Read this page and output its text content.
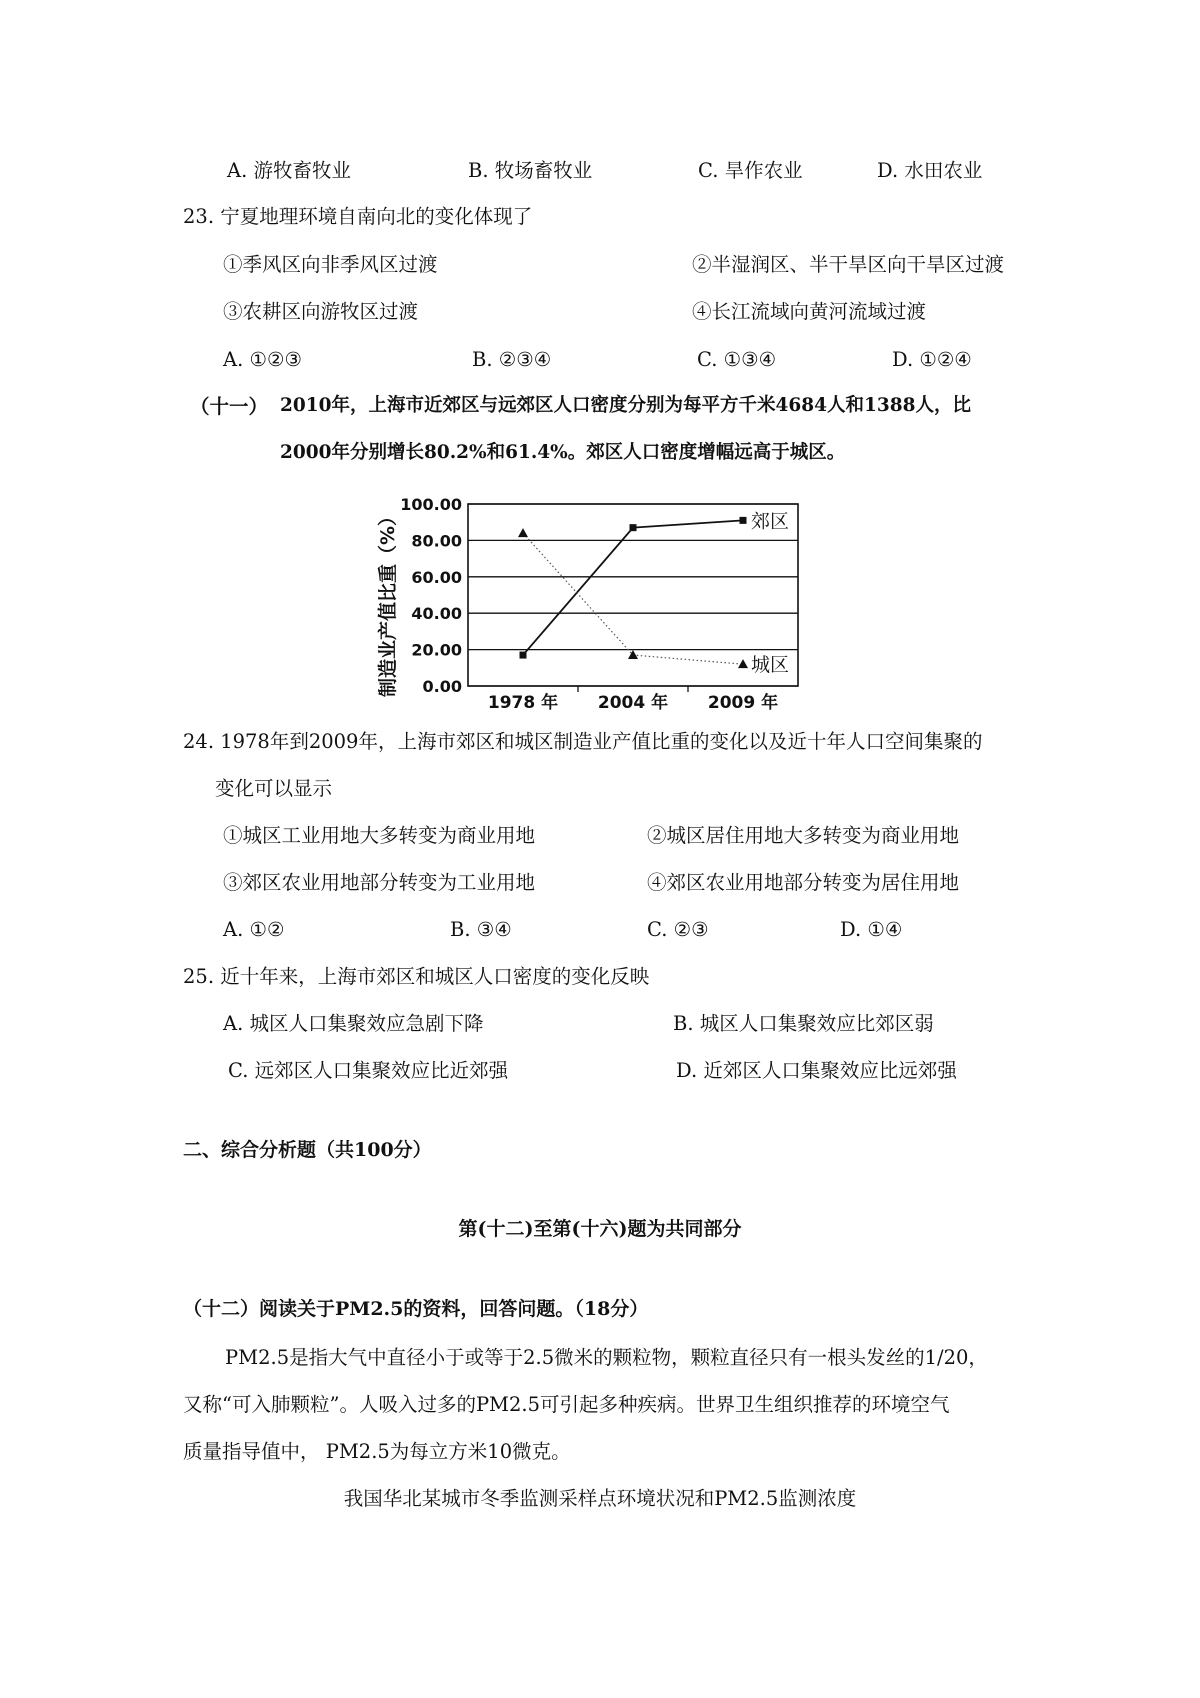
A. 游牧畜牧业	B. 牧场畜牧业	C. 旱作农业	D. 水田农业
23. 宁夏地理环境自南向北的变化体现了
①季风区向非季风区过渡	②半湿润区、半干旱区向干旱区过渡
③农耕区向游牧区过渡	④长江流域向黄河流域过渡
A. ①②③	B. ②③④	C. ①③④	D. ①②④
（十一） 2010年，上海市近郊区与远郊区人口密度分别为每平方千米4684人和1388人，比
2000年分别增长80.2%和61.4%。郊区人口密度增幅远高于城区。
0.00
20.00
40.00
60.00
80.00
100.00
1978 年 2004 年 2009 年
郊区
城区
制造业产值比重（%）
24. 1978年到2009年，上海市郊区和城区制造业产值比重的变化以及近十年人口空间集聚的
变化可以显示
①城区工业用地大多转变为商业用地	②城区居住用地大多转变为商业用地
③郊区农业用地部分转变为工业用地	④郊区农业用地部分转变为居住用地
A. ①②	B. ③④	C. ②③	D. ①④
25. 近十年来，上海市郊区和城区人口密度的变化反映
A. 城区人口集聚效应急剧下降	B. 城区人口集聚效应比郊区弱
C. 远郊区人口集聚效应比近郊强	D. 近郊区人口集聚效应比远郊强
二、综合分析题（共100分）
第(十二)至第(十六)题为共同部分
（十二）阅读关于PM2.5的资料，回答问题。（18分）
PM2.5是指大气中直径小于或等于2.5微米的颗粒物，颗粒直径只有一根头发丝的1/20，
又称“可入肺颗粒”。人吸入过多的PM2.5可引起多种疾病。世界卫生组织推荐的环境空气
质量指导值中， PM2.5为每立方米10微克。
我国华北某城市冬季监测采样点环境状况和PM2.5监测浓度
